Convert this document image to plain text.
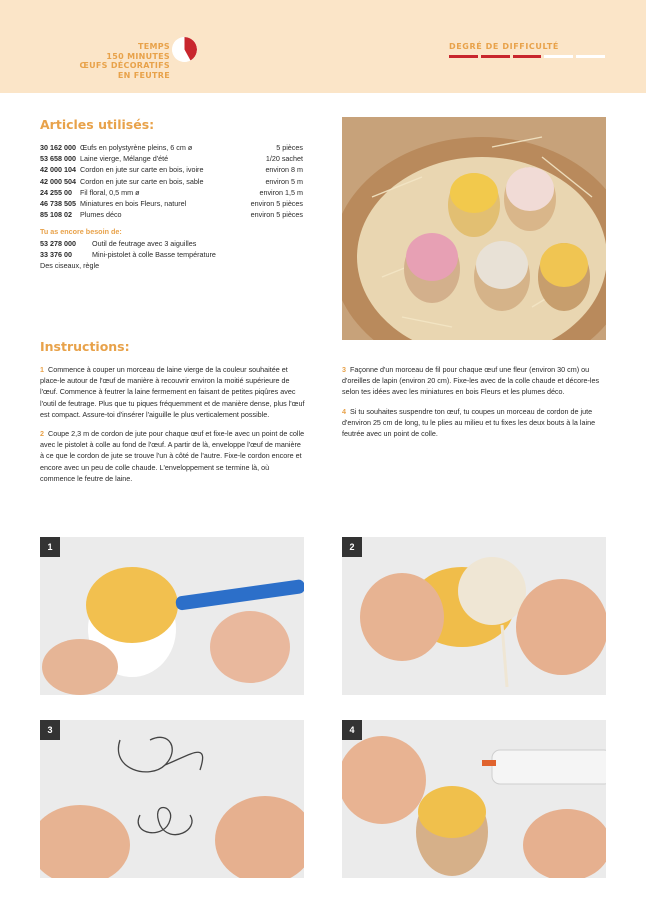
TEMPS
150 MINUTES
ŒUFS DÉCORATIFS
EN FEUTRE
DEGRÉ DE DIFFICULTÉ
Articles utilisés:
30 162 000 Œufs en polystyrène pleins, 6 cm ø	5 pièces
53 658 000 Laine vierge, Mélange d'été	1/20 sachet
42 000 104 Cordon en jute sur carte en bois, ivoire	environ 8 m
42 000 504 Cordon en jute sur carte en bois, sable	environ 5 m
24 255 00	Fil floral, 0,5 mm ø	environ 1,5 m
46 738 505 Miniatures en bois Fleurs, naturel	environ 5 pièces
85 108 02	Plumes déco	environ 5 pièces
Tu as encore besoin de:
53 278 000	Outil de feutrage avec 3 aiguilles
33 376 00	Mini-pistolet à colle Basse température
Des ciseaux, règle
Instructions:

1 Commence à couper un morceau de laine vierge de la couleur souhaitée et place-le autour de l'œuf de manière à recouvrir environ la moitié supérieure de l'œuf. Commence à feutrer la laine fermement en faisant de petites piqûres avec l'outil de feutrage. Plus que tu piques fréquemment et de manière dense, plus l'œuf est compact. Assure-toi d'insérer l'aiguille le plus verticalement possible.

2 Coupe 2,3 m de cordon de jute pour chaque œuf et fixe-le avec un point de colle avec le pistolet à colle au fond de l'œuf. A partir de là, enveloppe l'œuf de manière à ce que le cordon de jute se trouve l'un à côté de l'autre. Fixe-le cordon encore et encore avec un peu de colle chaude. L'enveloppement se termine là, où commence le feutre de laine.

3 Façonne d'un morceau de fil pour chaque œuf une fleur (environ 30 cm) ou d'oreilles de lapin (environ 20 cm). Fixe-les avec de la colle chaude et décore-les selon tes idées avec les miniatures en bois Fleurs et les plumes déco.

4 Si tu souhaites suspendre ton œuf, tu coupes un morceau de cordon de jute d'environ 25 cm de long, tu le plies au milieu et tu fixes les deux bouts à la laine feutrée avec un point de colle.

1	2
3	4
